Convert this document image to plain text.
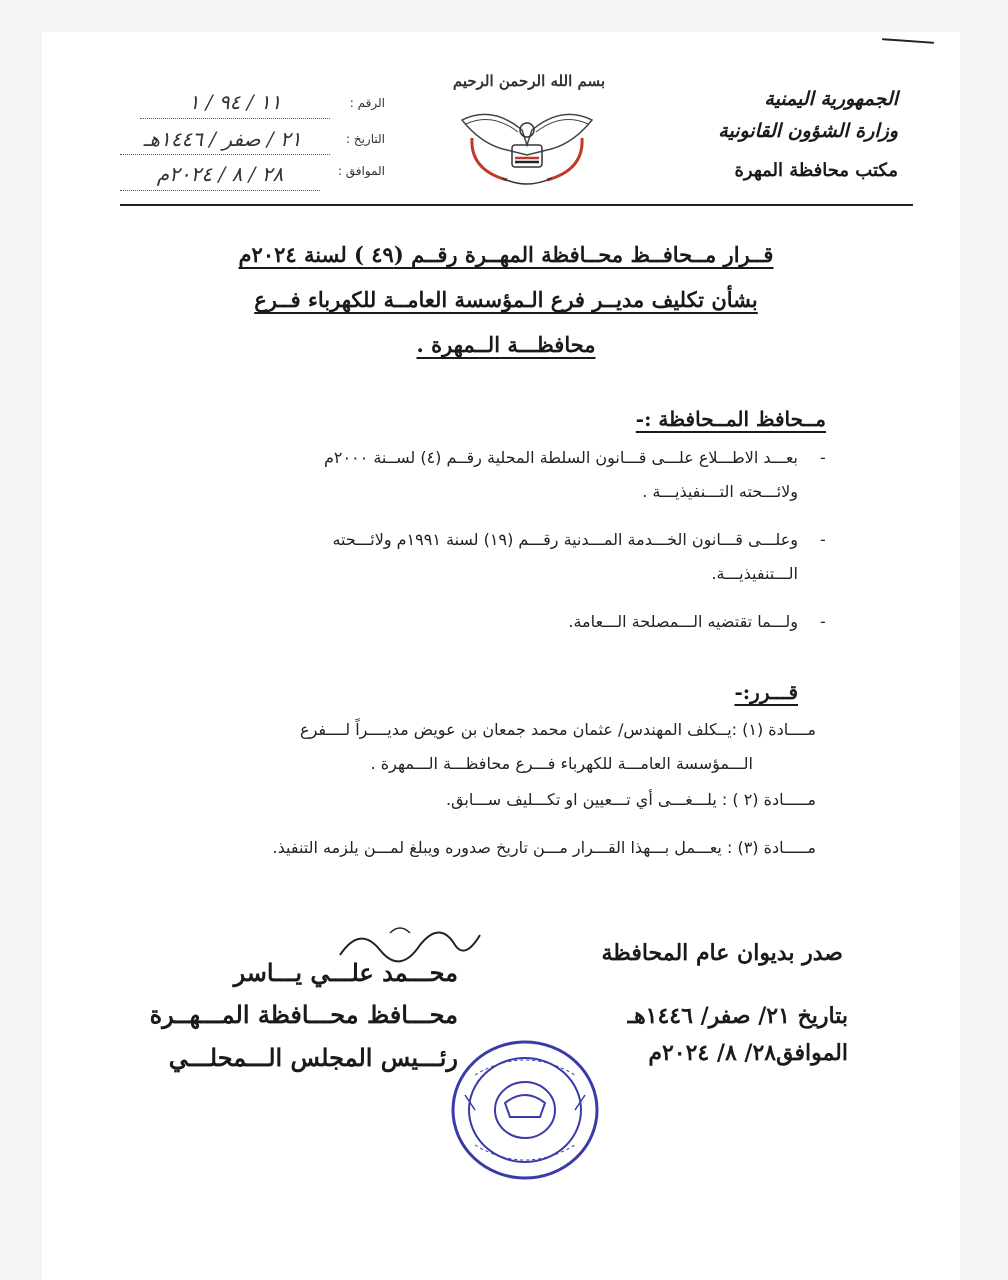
الجمهورية اليمنية
وزارة الشؤون القانونية
مكتب محافظة المهرة
بسم الله الرحمن الرحيم
الرقم :
١١ / ٩٤ / ١
التاريخ :
٢١ / صفر / ١٤٤٦هـ
الموافق :
٢٨ / ٨ / ٢٠٢٤م
قــرار مــحافــظ محــافظة المهــرة رقــم (٤٩ ) لسنة ٢٠٢٤م
بشأن تكليف مديــر فرع الـمؤسسة العامــة للكهرباء فــرع
محافظـــة الــمهرة .
مــحافظ المــحافظة :-
-
بعـــد الاطـــلاع علـــى قـــانون السلطة المحلية رقــم (٤) لســنة ٢٠٠٠م
ولائـــحته التـــنفيذيـــة .
-
وعلـــى قـــانون الخـــدمة المـــدنية رقـــم (١٩) لسنة ١٩٩١م ولائـــحته
الـــتنفيذيـــة.
-
ولـــما تقتضيه الـــمصلحة الـــعامة.
قـــرر:-
مــــادة (١) :يــكلف المهندس/ عثمان محمد جمعان بن عويض مديــــراً لــــفرع
الـــمؤسسة العامـــة للكهرباء فـــرع محافظـــة الـــمهرة .
مـــــادة (٢ ) : يلـــغـــى أي تـــعيين او تكـــليف ســـابق.
مـــــادة (٣) : يعـــمل بـــهذا القـــرار مـــن تاريخ صدوره ويبلغ لمـــن يلزمه التنفيذ.
صدر بديوان عام المحافظة
بتاريخ ٢١/ صفر/ ١٤٤٦هـ
الموافق٢٨/ ٨/ ٢٠٢٤م
محـــمد علـــي يـــاسر
محـــافظ محـــافظة المـــهــرة
رئـــيس المجلس الـــمحلـــي
